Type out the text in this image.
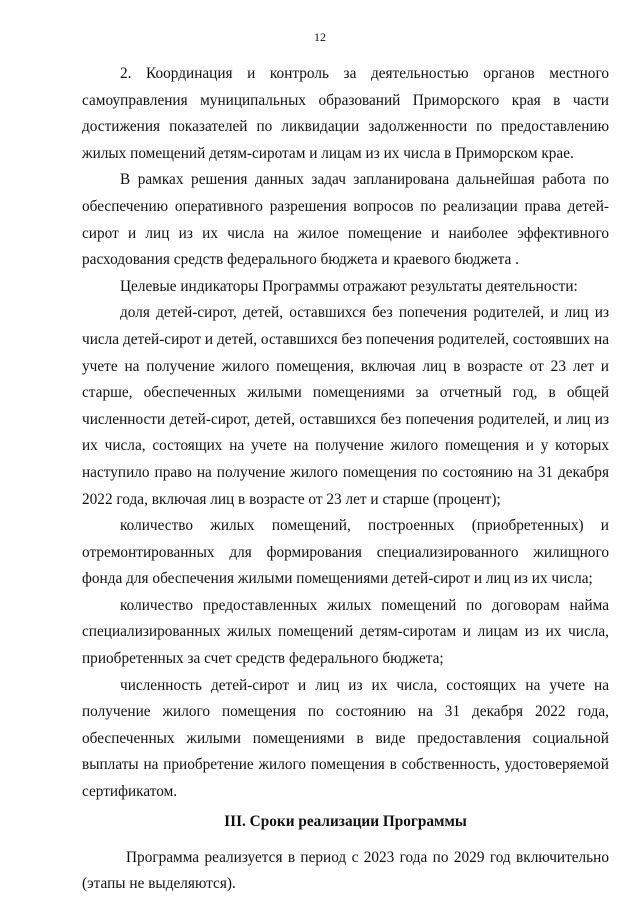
12

2. Координация и контроль за деятельностью органов местного самоуправления муниципальных образований Приморского края в части достижения показателей по ликвидации задолженности по предоставлению жилых помещений детям-сиротам и лицам из их числа в Приморском крае.

В рамках решения данных задач запланирована дальнейшая работа по обеспечению оперативного разрешения вопросов по реализации права детей-сирот и лиц из их числа на жилое помещение и наиболее эффективного расходования средств федерального бюджета и краевого бюджета .

Целевые индикаторы Программы отражают результаты деятельности:

доля детей-сирот, детей, оставшихся без попечения родителей, и лиц из числа детей-сирот и детей, оставшихся без попечения родителей, состоявших на учете на получение жилого помещения, включая лиц в возрасте от 23 лет и старше, обеспеченных жилыми помещениями за отчетный год, в общей численности детей-сирот, детей, оставшихся без попечения родителей, и лиц из их числа, состоящих на учете на получение жилого помещения и у которых наступило право на получение жилого помещения по состоянию на 31 декабря 2022 года, включая лиц в возрасте от 23 лет и старше (процент);

количество жилых помещений, построенных (приобретенных) и отремонтированных для формирования специализированного жилищного фонда для обеспечения жилыми помещениями детей-сирот и лиц из их числа;

количество предоставленных жилых помещений по договорам найма специализированных жилых помещений детям-сиротам и лицам из их числа, приобретенных за счет средств федерального бюджета;

численность детей-сирот и лиц из их числа, состоящих на учете на получение жилого помещения по состоянию на 31 декабря 2022 года, обеспеченных жилыми помещениями в виде предоставления социальной выплаты на приобретение жилого помещения в собственность, удостоверяемой сертификатом.

III. Сроки реализации Программы

Программа реализуется в период с 2023 года по 2029 год включительно (этапы не выделяются).
